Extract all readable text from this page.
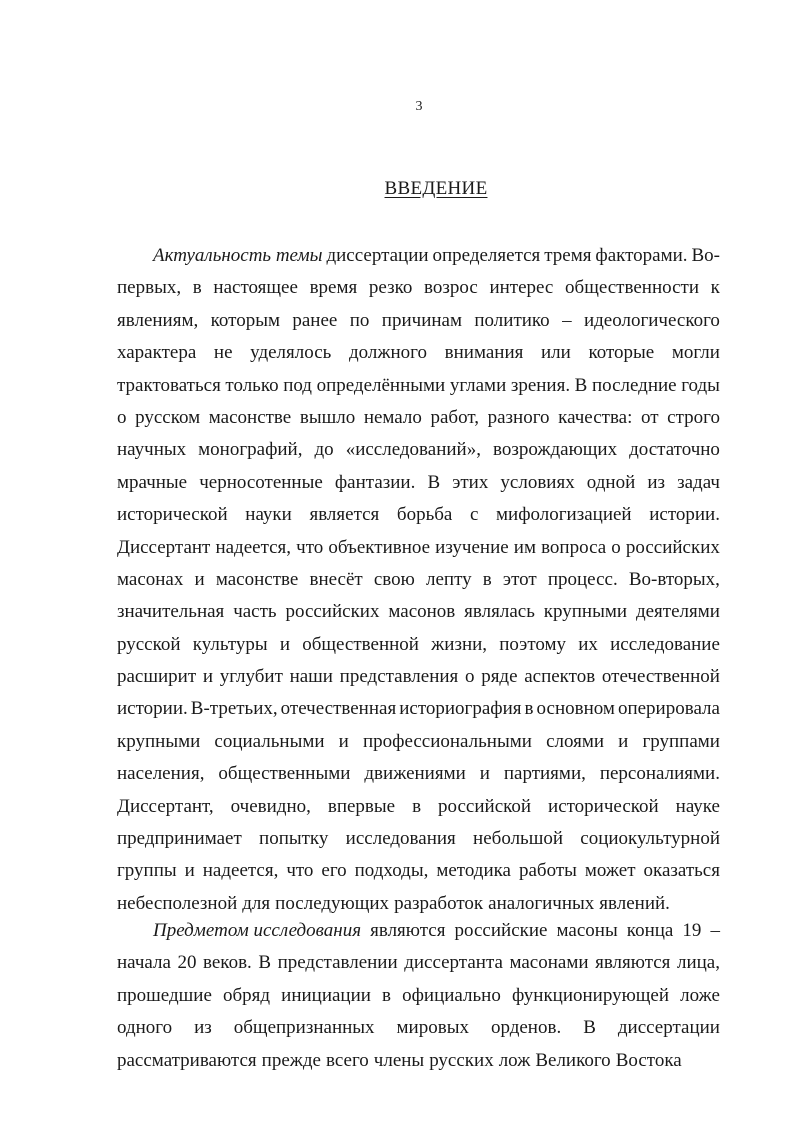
3
ВВЕДЕНИЕ
Актуальность темы диссертации определяется тремя факторами. Во-
первых, в настоящее время резко возрос интерес общественности к
явлениям, которым ранее по причинам политико – идеологического
характера не уделялось должного внимания или которые могли
трактоваться только под определёнными углами зрения. В последние годы
о русском масонстве вышло немало работ, разного качества: от строго
научных монографий, до «исследований», возрождающих достаточно
мрачные черносотенные фантазии. В этих условиях одной из задач
исторической науки является борьба с мифологизацией истории.
Диссертант надеется, что объективное изучение им вопроса о российских
масонах и масонстве внесёт свою лепту в этот процесс. Во-вторых,
значительная часть российских масонов являлась крупными деятелями
русской культуры и общественной жизни, поэтому их исследование
расширит и углубит наши представления о ряде аспектов отечественной
истории. В-третьих, отечественная историография в основном оперировала
крупными социальными и профессиональными слоями и группами
населения, общественными движениями и партиями, персоналиями.
Диссертант, очевидно, впервые в российской исторической науке
предпринимает попытку исследования небольшой социокультурной
группы и надеется, что его подходы, методика работы может оказаться
небесполезной для последующих разработок аналогичных явлений.
Предметом исследования являются российские масоны конца 19 –
начала 20 веков. В представлении диссертанта масонами являются лица,
прошедшие обряд инициации в официально функционирующей ложе
одного из общепризнанных мировых орденов. В диссертации
рассматриваются прежде всего члены русских лож Великого Востока
